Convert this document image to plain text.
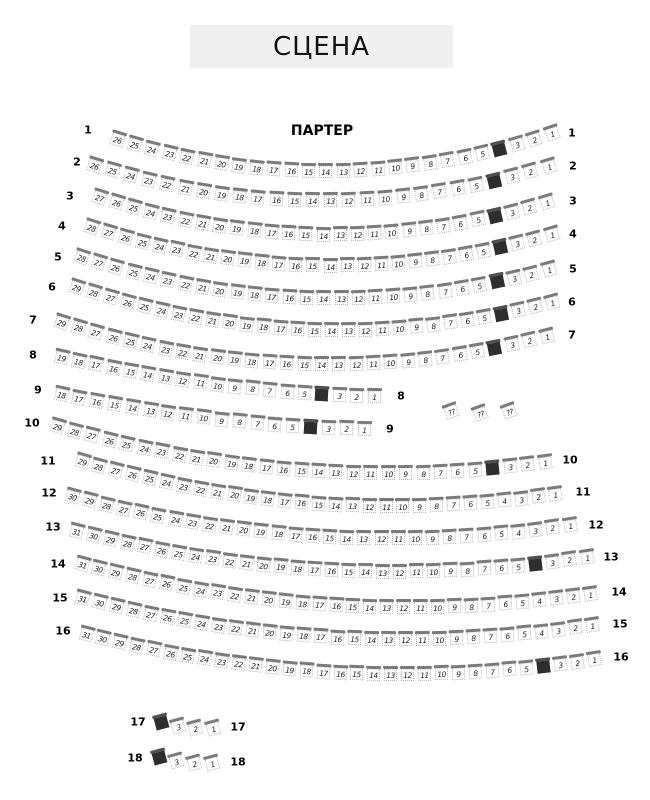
СЦЕНА
ПАРТЕР
26 25 24 23 22 21 20 19 18 17 16 15 14 13 12 11 10	9	8	7	6	5
3
2
1
1	1
26 25 24 23 22 21 20 19 18 17 16 15 14 13 12 11 10	9	8	7	6	5
3	2
1
2	2
27 26 25 24 23 22 21 20 19 18 17 16 15 14 13 12 11 10	9	8	7	6	5
3	2
1
3	3
28 27 26 25 24 23 22 21 20 19 18 17 16 15 14 13 12 11 10	9	8	7	6	5
3	2	1
4
4
28 27 26 25 24 23 22 21 20 19 18 17 16 15 14 13 12 11 10	9	8	7	6	5
3	2	1
5
5
29 28 27 26 25 24 23 22 21 20 19 18 17 16 15 14 13 12 11 10	9	8	7	6	5
3	2	1
6
6
29 28 27 26 25 24 23 22 21 20 19 18 17 16 15 14 13 12 11 10	9	8	7	6	5
3	2	1
7
7
19 18 17 16 15 14 13 12 11 10	9	8	7	6	5	3	2	1
8
8
18 17 16 15 14 13 12 11 10	9	8	7	6	5	3	2	1
9
9
29 28 27 26 25 24 23 22 21 20 19 18 17 16 15 14 13 12 11 10	9	8	7	6	5	3	2	1
10
10
29 28 27 26 25 24 23 22 21 20 19 18 17 16 15 14 13 12 11 10	9	8	7	6	5	4	3	2	1
11
11
30 29 28 27 26 25 24 23 22 21 20 19 18 17 16 15 14 13 12 11 10	9	8	7	6	5	4	3	2	1
12
12
31 30 29 28 27 26 25 24 23 22 21 20 19 18 17 16 15 14 13 12 11 10	9	8	7	6	5	3	2	1
13
13
31 30 29 28 27 26 25 24 23 22 21 20 19 18 17 16 15 14 13 12 11 10	9	8	7	6	5	4	3	2	1
14
14
31 30 29 28 27 26 25 24 23 22 21 20 19 18 17 16 15 14 13 12 11 10	9	8	7	6	5	4	3	2	1
15
15
31 30 29 28 27 26 25 24 23 22 21 20 19 18 17 16 15 14 13 12 11 10	9	8	7	6	5	3	2	1
16
16
3	2	1
17	17
3	2	1
18	18
??	??	??
